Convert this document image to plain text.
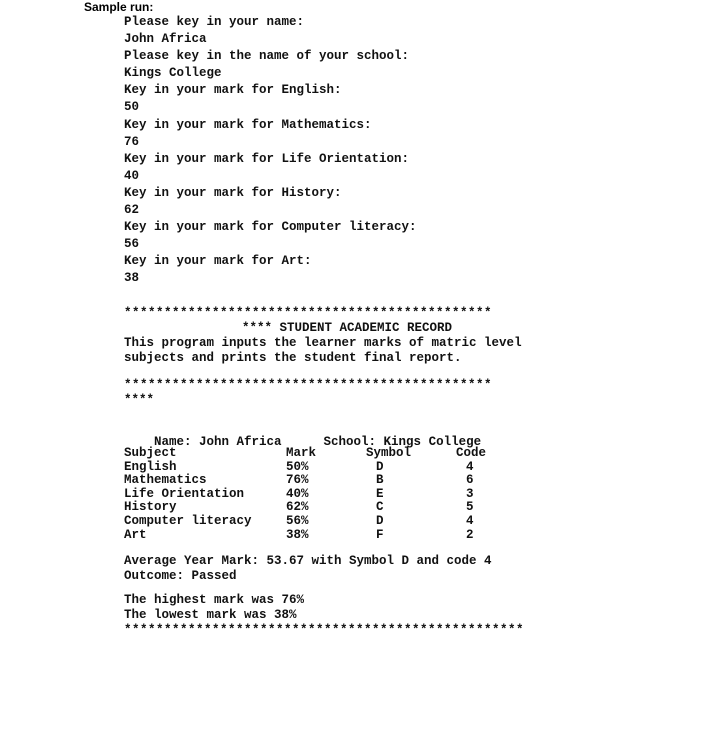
Sample run:
Please key in your name:
John Africa
Please key in the name of your school:
Kings College
Key in your mark for English:
50
Key in your mark for Mathematics:
76
Key in your mark for Life Orientation:
40
Key in your mark for History:
62
Key in your mark for Computer literacy:
56
Key in your mark for Art:
38
**********************************************
**** STUDENT ACADEMIC RECORD
This program inputs the learner marks of matric level
subjects and prints the student final report.
**********************************************
****

Name: John Africa	School: Kings College

Subject	Mark	Symbol	Code
English	50%	D	4
Mathematics	76%	B	6
Life Orientation	40%	E	3
History	62%	C	5
Computer literacy	56%	D	4
Art	38%	F	2
Average Year Mark: 53.67 with Symbol D and code 4
Outcome: Passed
The highest mark was 76%
The lowest mark was 38%
**************************************************
